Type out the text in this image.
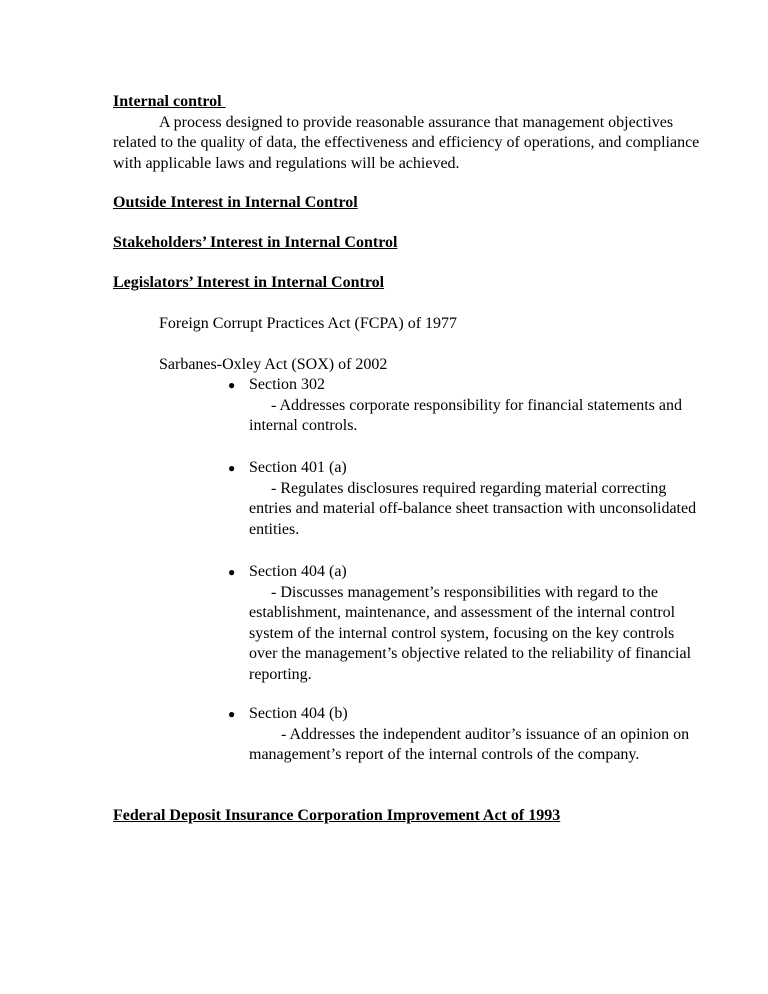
Internal control

A process designed to provide reasonable assurance that management objectives related to the quality of data, the effectiveness and efficiency of operations, and compliance with applicable laws and regulations will be achieved.

Outside Interest in Internal Control
Stakeholders’ Interest in Internal Control
Legislators’ Interest in Internal Control
Foreign Corrupt Practices Act (FCPA) of 1977
Sarbanes-Oxley Act (SOX) of 2002
● Section 302
- Addresses corporate responsibility for financial statements and internal controls.
● Section 401 (a)
- Regulates disclosures required regarding material correcting entries and material off-balance sheet transaction with unconsolidated entities.
● Section 404 (a)
- Discusses management’s responsibilities with regard to the establishment, maintenance, and assessment of the internal control system of the internal control system, focusing on the key controls over the management’s objective related to the reliability of financial reporting.
● Section 404 (b)
- Addresses the independent auditor’s issuance of an opinion on management’s report of the internal controls of the company.
Federal Deposit Insurance Corporation Improvement Act of 1993
